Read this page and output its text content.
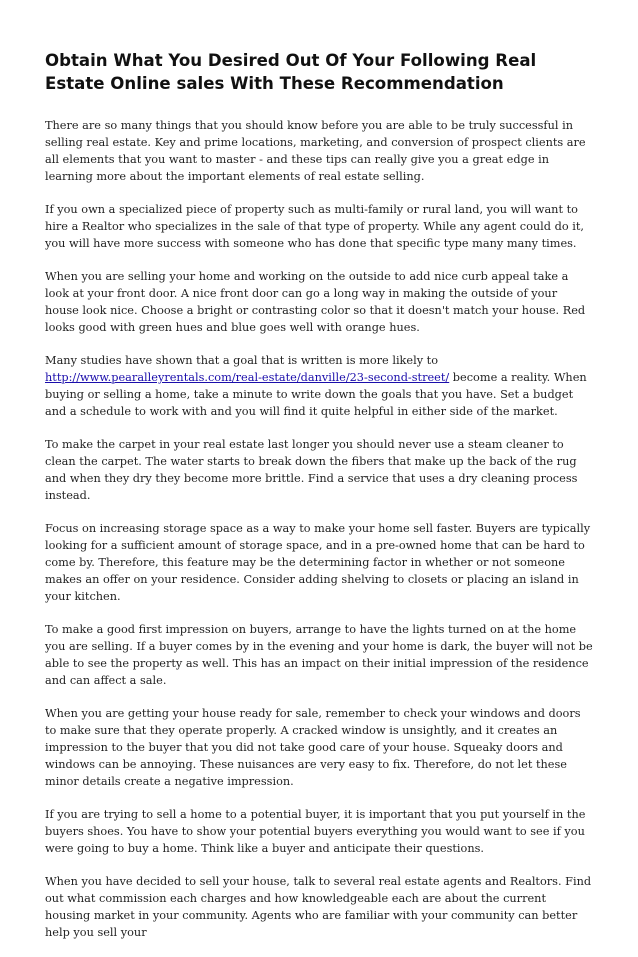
Obtain What You Desired Out Of Your Following Real Estate Online sales With These Recommendation

There are so many things that you should know before you are able to be truly successful in selling real estate. Key and prime locations, marketing, and conversion of prospect clients are all elements that you want to master - and these tips can really give you a great edge in learning more about the important elements of real estate selling.

If you own a specialized piece of property such as multi-family or rural land, you will want to hire a Realtor who specializes in the sale of that type of property. While any agent could do it, you will have more success with someone who has done that specific type many many times.

When you are selling your home and working on the outside to add nice curb appeal take a look at your front door. A nice front door can go a long way in making the outside of your house look nice. Choose a bright or contrasting color so that it doesn't match your house. Red looks good with green hues and blue goes well with orange hues.

Many studies have shown that a goal that is written is more likely to http://www.pearalleyrentals.com/real-estate/danville/23-second-street/ become a reality. When buying or selling a home, take a minute to write down the goals that you have. Set a budget and a schedule to work with and you will find it quite helpful in either side of the market.

To make the carpet in your real estate last longer you should never use a steam cleaner to clean the carpet. The water starts to break down the fibers that make up the back of the rug and when they dry they become more brittle. Find a service that uses a dry cleaning process instead.

Focus on increasing storage space as a way to make your home sell faster. Buyers are typically looking for a sufficient amount of storage space, and in a pre-owned home that can be hard to come by. Therefore, this feature may be the determining factor in whether or not someone makes an offer on your residence. Consider adding shelving to closets or placing an island in your kitchen.

To make a good first impression on buyers, arrange to have the lights turned on at the home you are selling. If a buyer comes by in the evening and your home is dark, the buyer will not be able to see the property as well. This has an impact on their initial impression of the residence and can affect a sale.

When you are getting your house ready for sale, remember to check your windows and doors to make sure that they operate properly. A cracked window is unsightly, and it creates an impression to the buyer that you did not take good care of your house. Squeaky doors and windows can be annoying. These nuisances are very easy to fix. Therefore, do not let these minor details create a negative impression.

If you are trying to sell a home to a potential buyer, it is important that you put yourself in the buyers shoes. You have to show your potential buyers everything you would want to see if you were going to buy a home. Think like a buyer and anticipate their questions.

When you have decided to sell your house, talk to several real estate agents and Realtors. Find out what commission each charges and how knowledgeable each are about the current housing market in your community. Agents who are familiar with your community can better help you sell your
